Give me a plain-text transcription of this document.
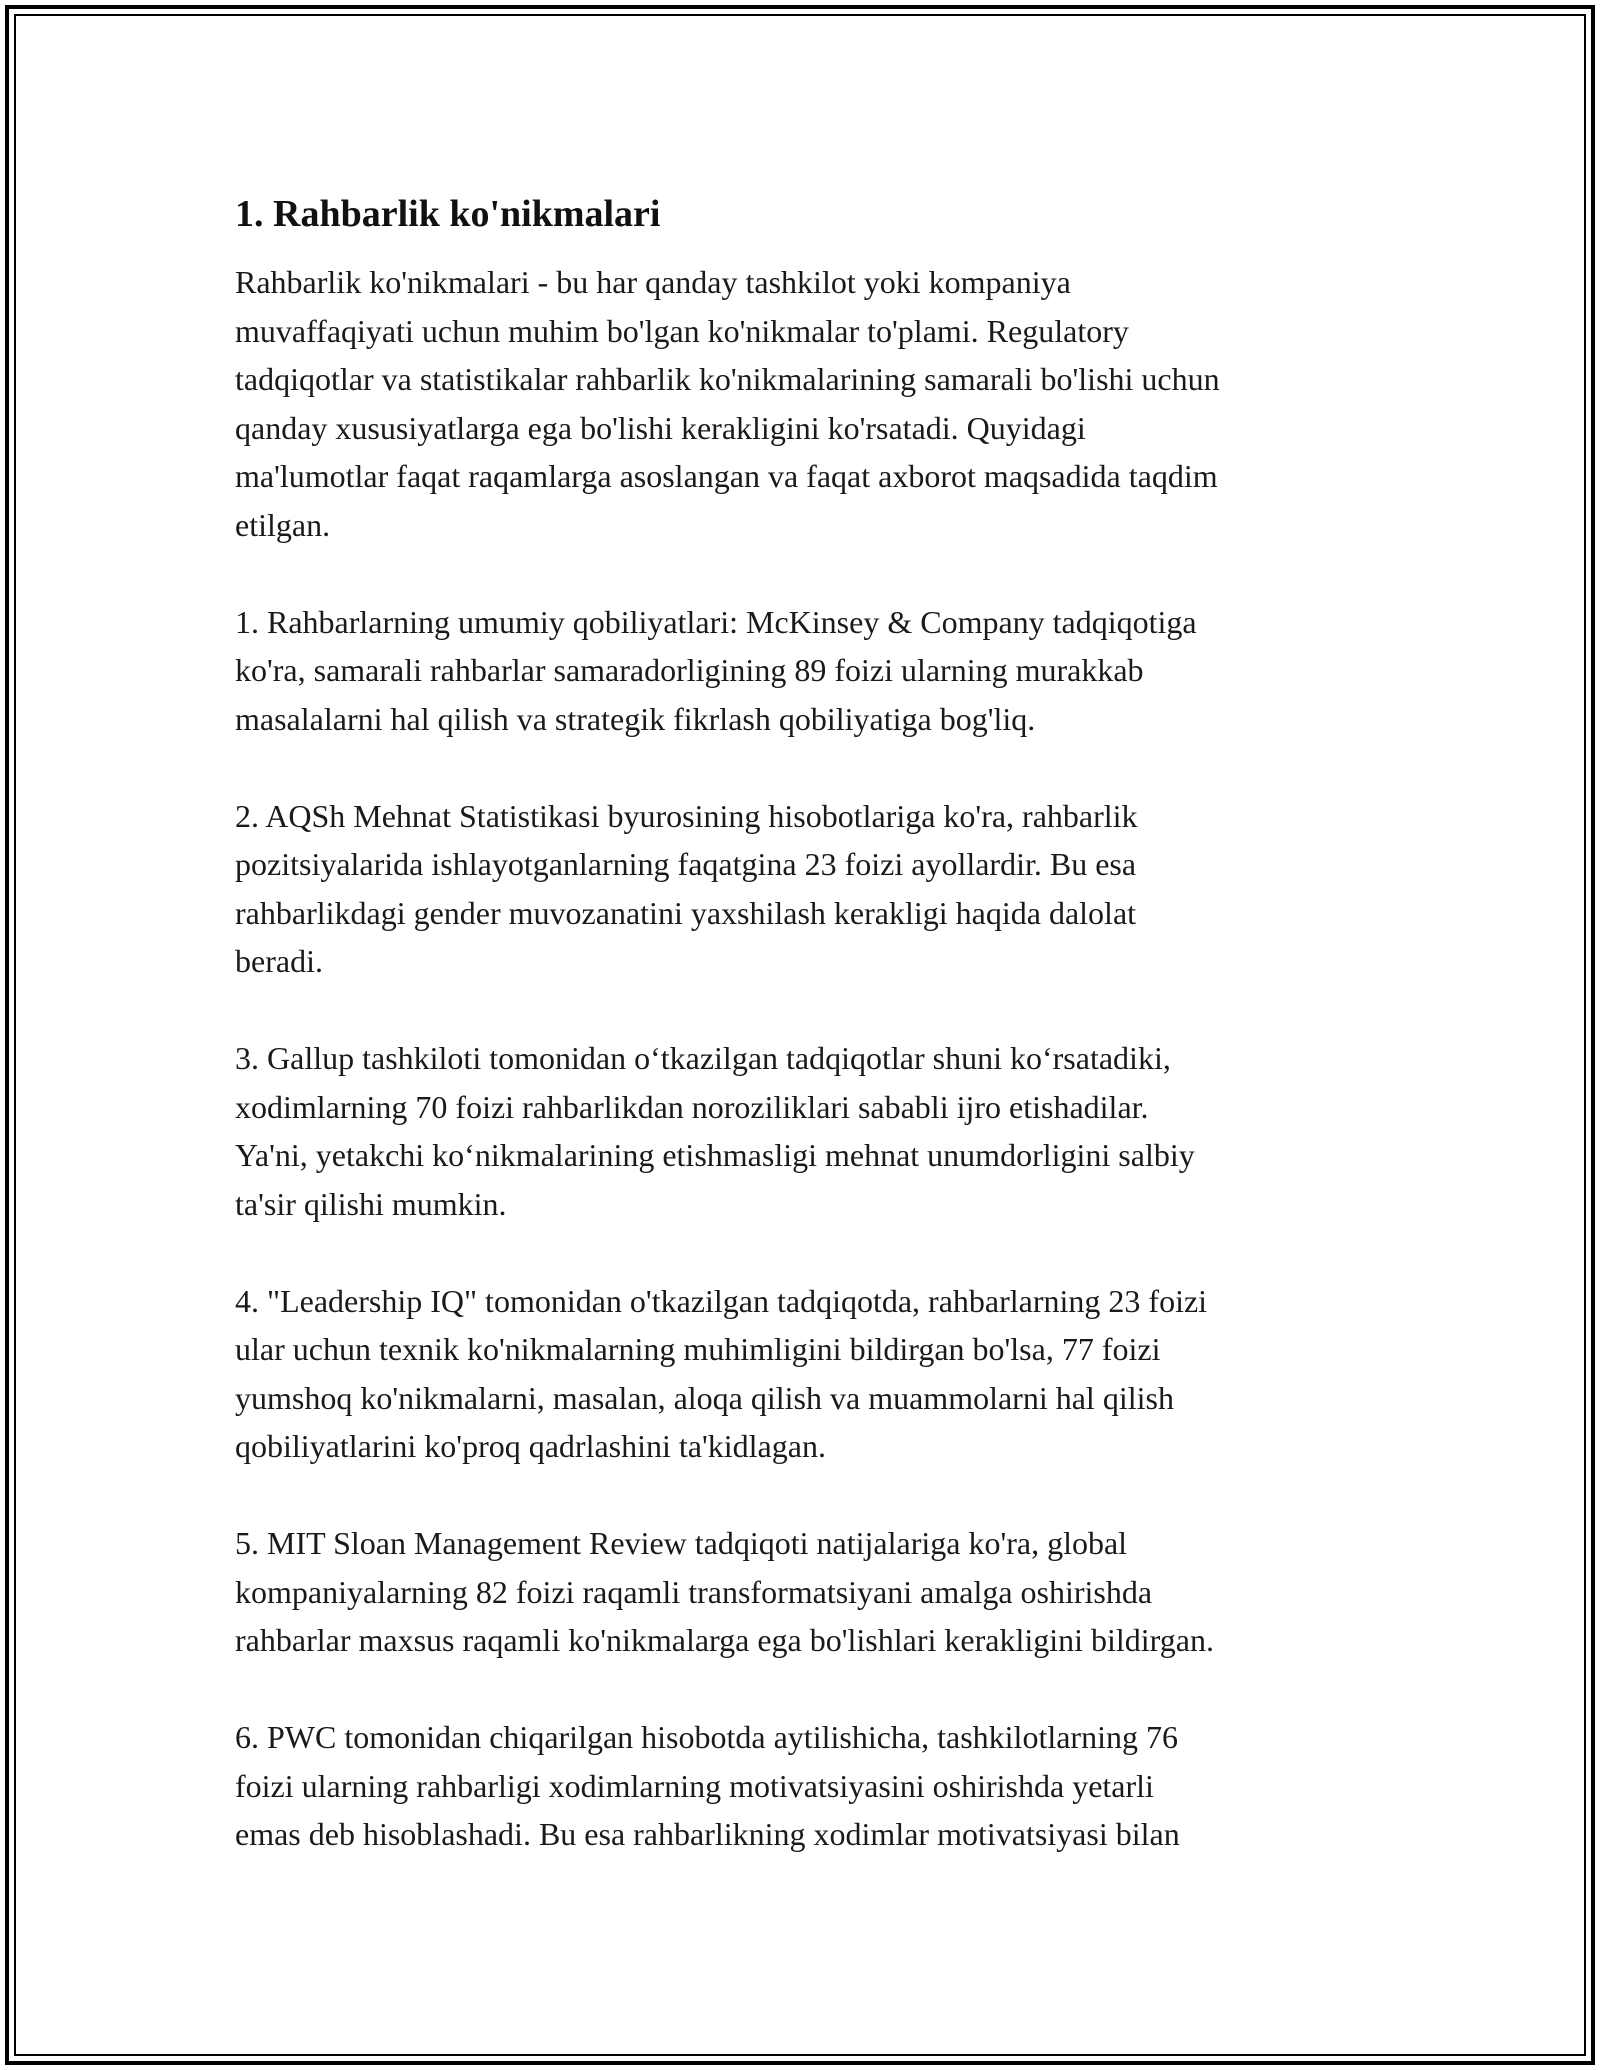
1. Rahbarlik ko'nikmalari

Rahbarlik ko'nikmalari - bu har qanday tashkilot yoki kompaniya
muvaffaqiyati uchun muhim bo'lgan ko'nikmalar to'plami. Regulatory
tadqiqotlar va statistikalar rahbarlik ko'nikmalarining samarali bo'lishi uchun
qanday xususiyatlarga ega bo'lishi kerakligini ko'rsatadi. Quyidagi
ma'lumotlar faqat raqamlarga asoslangan va faqat axborot maqsadida taqdim
etilgan.

1. Rahbarlarning umumiy qobiliyatlari: McKinsey & Company tadqiqotiga
ko'ra, samarali rahbarlar samaradorligining 89 foizi ularning murakkab
masalalarni hal qilish va strategik fikrlash qobiliyatiga bog'liq.

2. AQSh Mehnat Statistikasi byurosining hisobotlariga ko'ra, rahbarlik
pozitsiyalarida ishlayotganlarning faqatgina 23 foizi ayollardir. Bu esa
rahbarlikdagi gender muvozanatini yaxshilash kerakligi haqida dalolat
beradi.

3. Gallup tashkiloti tomonidan o‘tkazilgan tadqiqotlar shuni ko‘rsatadiki,
xodimlarning 70 foizi rahbarlikdan noroziliklari sababli ijro etishadilar.
Ya'ni, yetakchi ko‘nikmalarining etishmasligi mehnat unumdorligini salbiy
ta'sir qilishi mumkin.

4. "Leadership IQ" tomonidan o'tkazilgan tadqiqotda, rahbarlarning 23 foizi
ular uchun texnik ko'nikmalarning muhimligini bildirgan bo'lsa, 77 foizi
yumshoq ko'nikmalarni, masalan, aloqa qilish va muammolarni hal qilish
qobiliyatlarini ko'proq qadrlashini ta'kidlagan.

5. MIT Sloan Management Review tadqiqoti natijalariga ko'ra, global
kompaniyalarning 82 foizi raqamli transformatsiyani amalga oshirishda
rahbarlar maxsus raqamli ko'nikmalarga ega bo'lishlari kerakligini bildirgan.

6. PWC tomonidan chiqarilgan hisobotda aytilishicha, tashkilotlarning 76
foizi ularning rahbarligi xodimlarning motivatsiyasini oshirishda yetarli
emas deb hisoblashadi. Bu esa rahbarlikning xodimlar motivatsiyasi bilan
